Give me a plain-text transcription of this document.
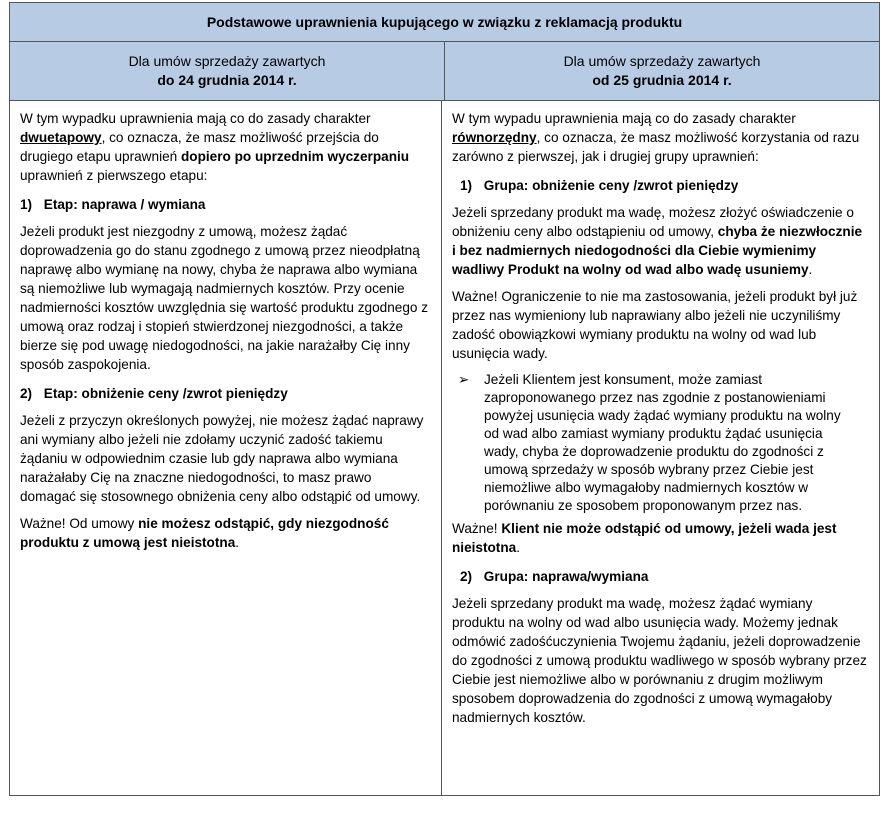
Podstawowe uprawnienia kupującego w związku z reklamacją produktu
Dla umów sprzedaży zawartych
do 24 grudnia 2014 r.
Dla umów sprzedaży zawartych
od 25 grudnia 2014 r.

W tym wypadku uprawnienia mają co do zasady charakter dwuetapowy, co oznacza, że masz możliwość przejścia do drugiego etapu uprawnień dopiero po uprzednim wyczerpaniu uprawnień z pierwszego etapu:

1) Etap: naprawa / wymiana

Jeżeli produkt jest niezgodny z umową, możesz żądać doprowadzenia go do stanu zgodnego z umową przez nieodpłatną naprawę albo wymianę na nowy, chyba że naprawa albo wymiana są niemożliwe lub wymagają nadmiernych kosztów. Przy ocenie nadmierności kosztów uwzględnia się wartość produktu zgodnego z umową oraz rodzaj i stopień stwierdzonej niezgodności, a także bierze się pod uwagę niedogodności, na jakie narażałby Cię inny sposób zaspokojenia.

2) Etap: obniżenie ceny /zwrot pieniędzy

Jeżeli z przyczyn określonych powyżej, nie możesz żądać naprawy ani wymiany albo jeżeli nie zdołamy uczynić zadość takiemu żądaniu w odpowiednim czasie lub gdy naprawa albo wymiana narażałaby Cię na znaczne niedogodności, to masz prawo domagać się stosownego obniżenia ceny albo odstąpić od umowy.

Ważne! Od umowy nie możesz odstąpić, gdy niezgodność produktu z umową jest nieistotna.

W tym wypadu uprawnienia mają co do zasady charakter równorzędny, co oznacza, że masz możliwość korzystania od razu zarówno z pierwszej, jak i drugiej grupy uprawnień:

1) Grupa: obniżenie ceny /zwrot pieniędzy

Jeżeli sprzedany produkt ma wadę, możesz złożyć oświadczenie o obniżeniu ceny albo odstąpieniu od umowy, chyba że niezwłocznie i bez nadmiernych niedogodności dla Ciebie wymienimy wadliwy Produkt na wolny od wad albo wadę usuniemy.

Ważne! Ograniczenie to nie ma zastosowania, jeżeli produkt był już przez nas wymieniony lub naprawiany albo jeżeli nie uczyniliśmy zadość obowiązkowi wymiany produktu na wolny od wad lub usunięcia wady.

➢	Jeżeli Klientem jest konsument, może zamiast zaproponowanego przez nas zgodnie z postanowieniami powyżej usunięcia wady żądać wymiany produktu na wolny od wad albo zamiast wymiany produktu żądać usunięcia wady, chyba że doprowadzenie produktu do zgodności z umową sprzedaży w sposób wybrany przez Ciebie jest niemożliwe albo wymagałoby nadmiernych kosztów w porównaniu ze sposobem proponowanym przez nas.

Ważne! Klient nie może odstąpić od umowy, jeżeli wada jest nieistotna.

2) Grupa: naprawa/wymiana

Jeżeli sprzedany produkt ma wadę, możesz żądać wymiany produktu na wolny od wad albo usunięcia wady. Możemy jednak odmówić zadośćuczynienia Twojemu żądaniu, jeżeli doprowadzenie do zgodności z umową produktu wadliwego w sposób wybrany przez Ciebie jest niemożliwe albo w porównaniu z drugim możliwym sposobem doprowadzenia do zgodności z umową wymagałoby nadmiernych kosztów.
